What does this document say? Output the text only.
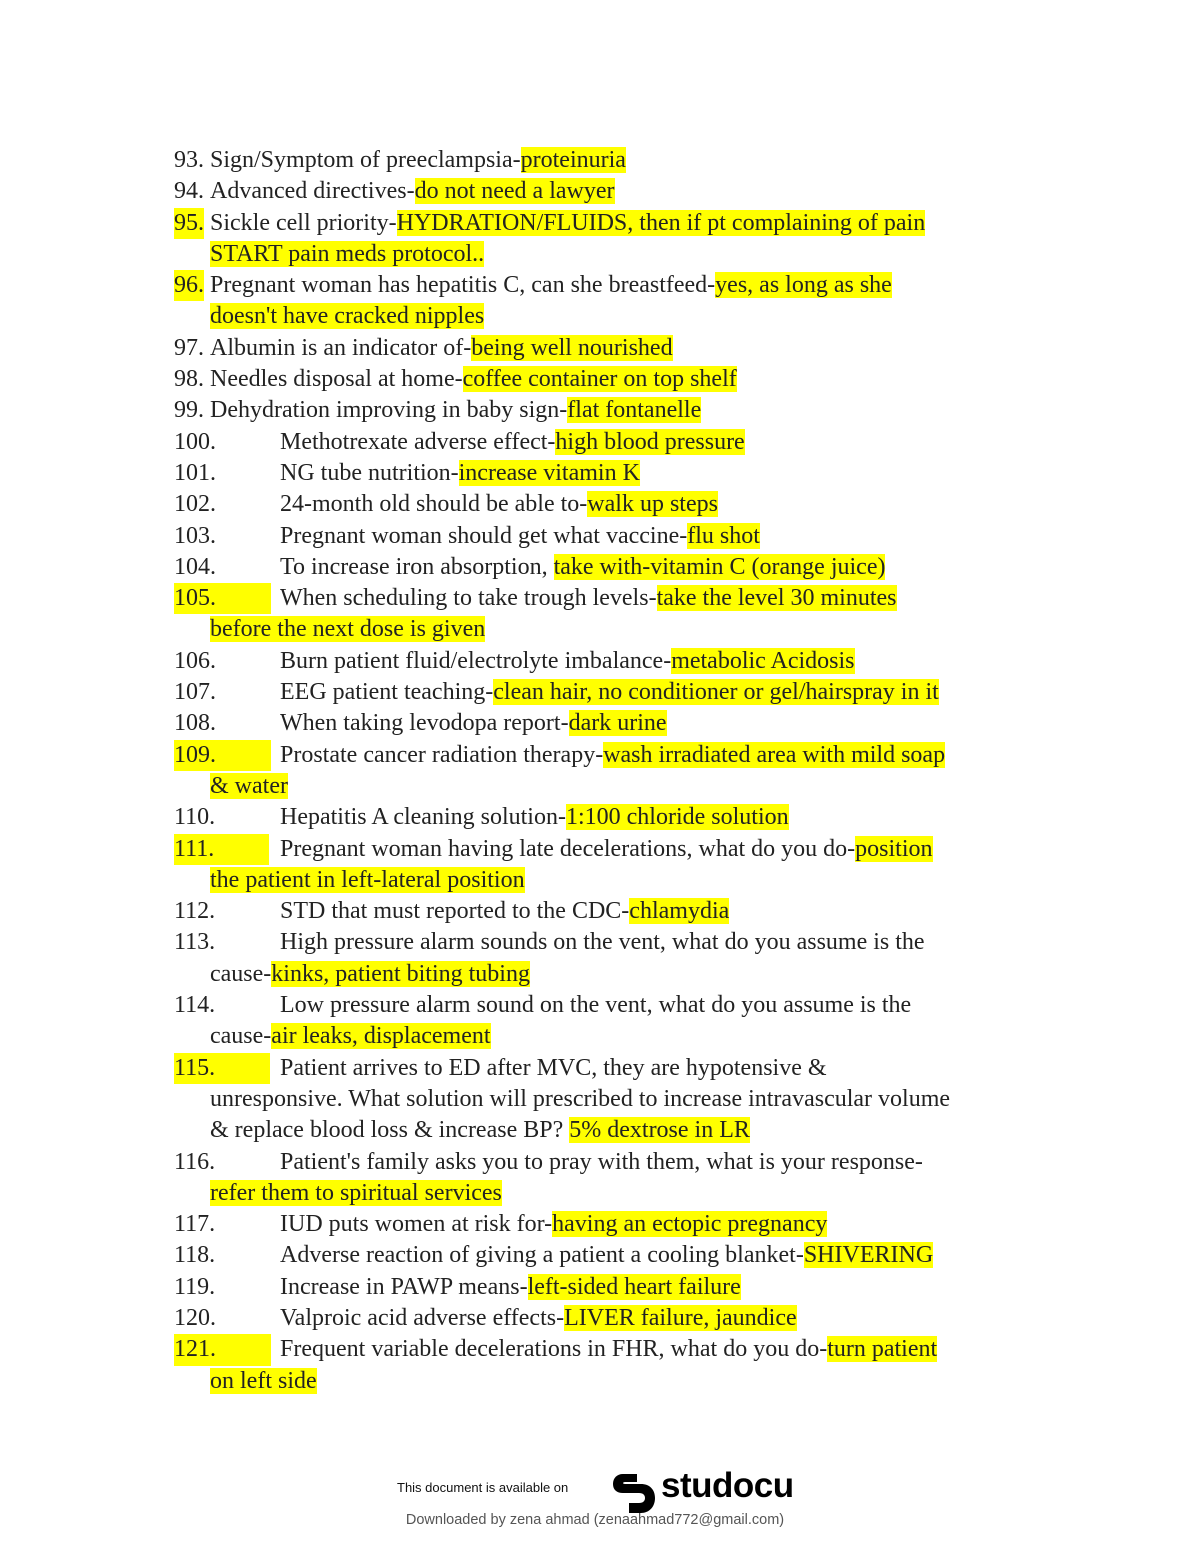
93. Sign/Symptom of preeclampsia-proteinuria
94. Advanced directives-do not need a lawyer
95. Sickle cell priority-HYDRATION/FLUIDS, then if pt complaining of pain
START pain meds protocol..
96. Pregnant woman has hepatitis C, can she breastfeed-yes, as long as she
doesn't have cracked nipples
97. Albumin is an indicator of-being well nourished
98. Needles disposal at home-coffee container on top shelf
99. Dehydration improving in baby sign-flat fontanelle
100.	Methotrexate adverse effect-high blood pressure
101.	NG tube nutrition-increase vitamin K
102.	24-month old should be able to-walk up steps
103.	Pregnant woman should get what vaccine-flu shot
104.	To increase iron absorption, take with-vitamin C (orange juice)
105.	When scheduling to take trough levels-take the level 30 minutes
before the next dose is given
106.	Burn patient fluid/electrolyte imbalance-metabolic Acidosis
107.	EEG patient teaching-clean hair, no conditioner or gel/hairspray in it
108.	When taking levodopa report-dark urine
109.	Prostate cancer radiation therapy-wash irradiated area with mild soap
& water
110.	Hepatitis A cleaning solution-1:100 chloride solution
111.	Pregnant woman having late decelerations, what do you do-position
the patient in left-lateral position
112.	STD that must reported to the CDC-chlamydia
113.	High pressure alarm sounds on the vent, what do you assume is the
cause-kinks, patient biting tubing
114.	Low pressure alarm sound on the vent, what do you assume is the
cause-air leaks, displacement
115.	Patient arrives to ED after MVC, they are hypotensive &
unresponsive. What solution will prescribed to increase intravascular volume
& replace blood loss & increase BP? 5% dextrose in LR
116.	Patient's family asks you to pray with them, what is your response-
refer them to spiritual services
117.	IUD puts women at risk for-having an ectopic pregnancy
118.	Adverse reaction of giving a patient a cooling blanket-SHIVERING
119.	Increase in PAWP means-left-sided heart failure
120.	Valproic acid adverse effects-LIVER failure, jaundice
121.	Frequent variable decelerations in FHR, what do you do-turn patient
on left side
This document is available on	studocu
Downloaded by zena ahmad (zenaahmad772@gmail.com)
